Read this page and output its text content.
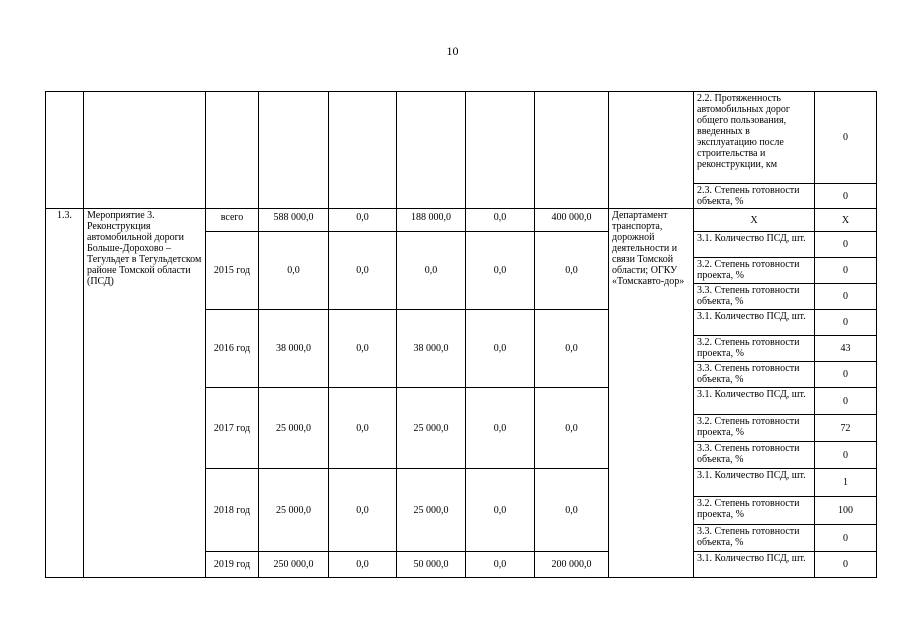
10
									2.2. Протяженность автомобильных дорог общего пользования, введенных в эксплуатацию после строительства и реконструкции, км	0
									2.3. Степень готовности объекта, %	0
1.3.	Мероприятие 3. Реконструкция автомобильной дороги Больше-Дорохово – Тегульдет в Тегульдетском районе Томской области (ПСД)	всего	588 000,0	0,0	188 000,0	0,0	400 000,0	Департамент транспорта, дорожной деятельности и связи Томской области; ОГКУ «Томскавто-дор»	Х	Х
		2015 год	0,0	0,0	0,0	0,0	0,0		3.1. Количество ПСД, шт.	0
									3.2. Степень готовности проекта, %	0
									3.3. Степень готовности объекта, %	0
		2016 год	38 000,0	0,0	38 000,0	0,0	0,0		3.1. Количество ПСД, шт.	0
									3.2. Степень готовности проекта, %	43
									3.3. Степень готовности объекта, %	0
		2017 год	25 000,0	0,0	25 000,0	0,0	0,0		3.1. Количество ПСД, шт.	0
									3.2. Степень готовности проекта, %	72
									3.3. Степень готовности объекта, %	0
		2018 год	25 000,0	0,0	25 000,0	0,0	0,0		3.1. Количество ПСД, шт.	1
									3.2. Степень готовности проекта, %	100
									3.3. Степень готовности объекта, %	0
		2019 год	250 000,0	0,0	50 000,0	0,0	200 000,0		3.1. Количество ПСД, шт.	0
